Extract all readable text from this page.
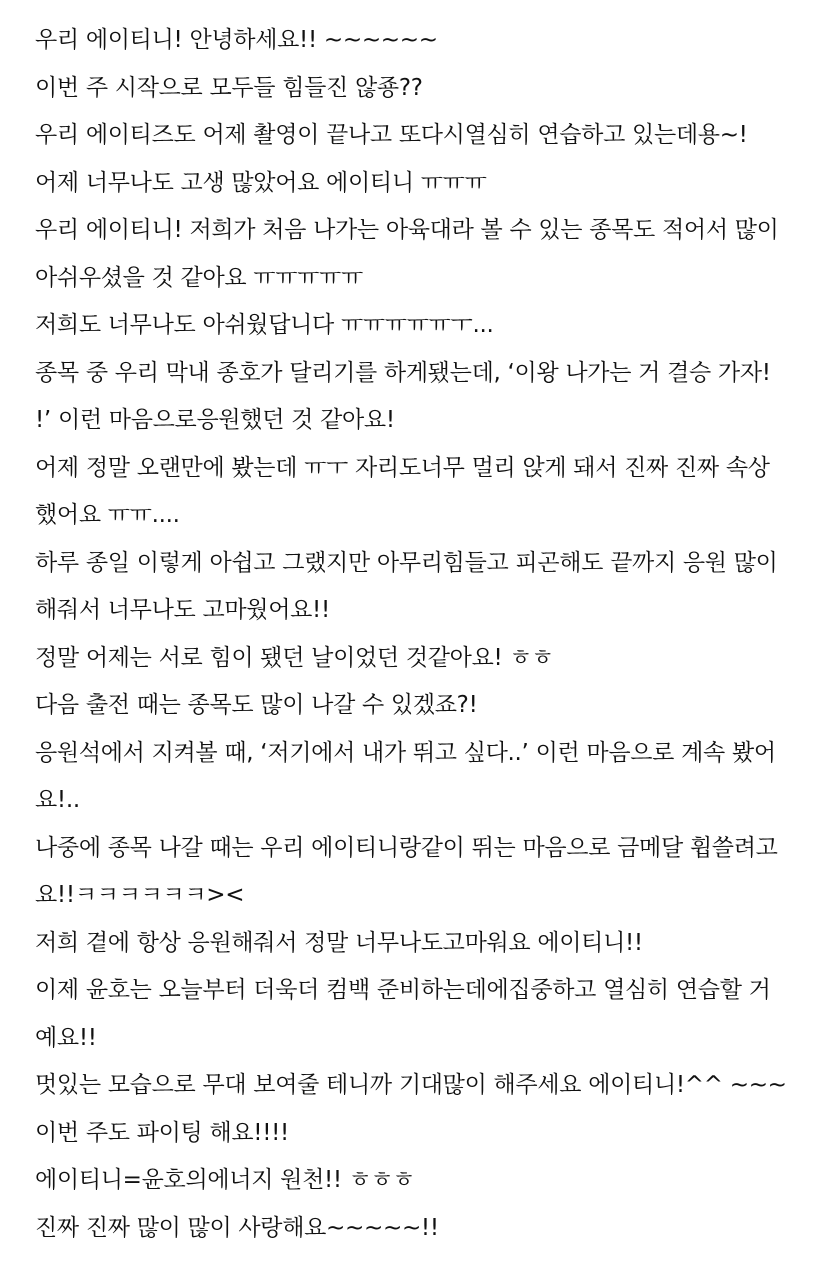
우리 에이티니! 안녕하세요!! ~~~~~~
이번 주 시작으로 모두들 힘들진 않죵??
우리 에이티즈도 어제 촬영이 끝나고 또다시열심히 연습하고 있는데용~!
어제 너무나도 고생 많았어요 에이티니 ㅠㅠㅠ
우리 에이티니! 저희가 처음 나가는 아육대라 볼 수 있는 종목도 적어서 많이
아쉬우셨을 것 같아요 ㅠㅠㅠㅠㅠ
저희도 너무나도 아쉬웠답니다 ㅠㅠㅠㅠㅠㅜ...
종목 중 우리 막내 종호가 달리기를 하게됐는데, ‘이왕 나가는 거 결승 가자!
!’ 이런 마음으로응원했던 것 같아요!
어제 정말 오랜만에 봤는데 ㅠㅜ 자리도너무 멀리 앉게 돼서 진짜 진짜 속상
했어요 ㅠㅠ....
하루 종일 이렇게 아쉽고 그랬지만 아무리힘들고 피곤해도 끝까지 응원 많이
해줘서 너무나도 고마웠어요!!
정말 어제는 서로 힘이 됐던 날이었던 것같아요! ㅎㅎ
다음 출전 때는 종목도 많이 나갈 수 있겠죠?!
응원석에서 지켜볼 때, ‘저기에서 내가 뛰고 싶다..’ 이런 마음으로 계속 봤어
요!..
나중에 종목 나갈 때는 우리 에이티니랑같이 뛰는 마음으로 금메달 휩쓸려고
요!!ㅋㅋㅋㅋㅋㅋ><
저희 곁에 항상 응원해줘서 정말 너무나도고마워요 에이티니!!
이제 윤호는 오늘부터 더욱더 컴백 준비하는데에집중하고 열심히 연습할 거
예요!!
멋있는 모습으로 무대 보여줄 테니까 기대많이 해주세요 에이티니!^^ ~~~
이번 주도 파이팅 해요!!!!
에이티니=윤호의에너지 원천!! ㅎㅎㅎ
진짜 진짜 많이 많이 사랑해요~~~~~!!
